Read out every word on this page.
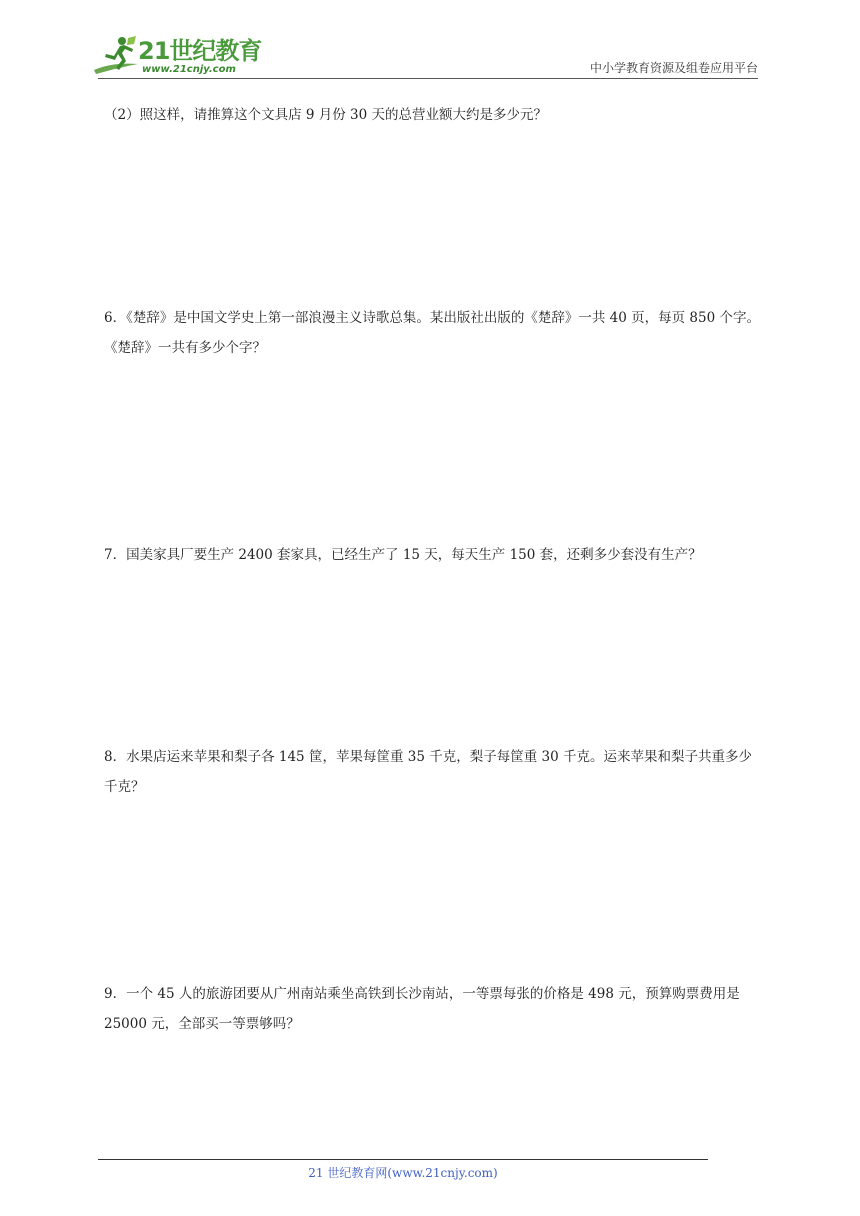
21世纪教育
www.21cnjy.com	中小学教育资源及组卷应用平台
（2）照这样，请推算这个文具店 9 月份 30 天的总营业额大约是多少元？
6．《楚辞》是中国文学史上第一部浪漫主义诗歌总集。某出版社出版的《楚辞》一共 40 页，每页 850 个字。《楚辞》一共有多少个字？
7．国美家具厂要生产 2400 套家具，已经生产了 15 天，每天生产 150 套，还剩多少套没有生产？
8．水果店运来苹果和梨子各 145 筐，苹果每筐重 35 千克，梨子每筐重 30 千克。运来苹果和梨子共重多少千克？
9．一个 45 人的旅游团要从广州南站乘坐高铁到长沙南站，一等票每张的价格是 498 元，预算购票费用是 25000 元，全部买一等票够吗？
21 世纪教育网(www.21cnjy.com)
